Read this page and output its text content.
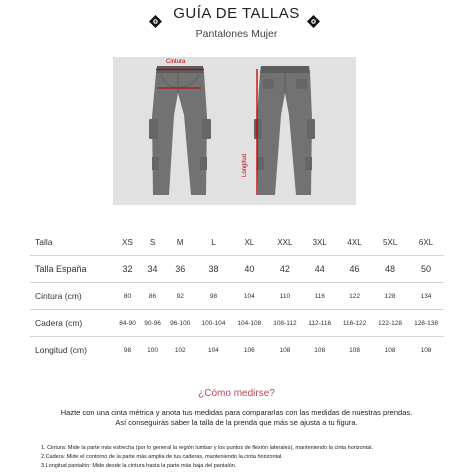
GUÍA DE TALLAS
Pantalones Mujer
Cintura
Longitud
Talla	XS	S	M	L	XL	XXL	3XL	4XL	5XL	6XL
Talla España	32	34	36	38	40	42	44	46	48	50
Cintura (cm)	80	86	92	98	104	110	116	122	128	134
Cadera (cm)	84-90	90-96	96-100	100-104	104-108	108-112	112-116	116-122	122-128	128-138
Longitud (cm)	98	100	102	104	106	108	108	108	108	108
¿Cómo medirse?
Hazte con una cinta métrica y anota tus medidas para compararlas con las medidas de nuestras prendas.
Así conseguirás saber la talla de la prenda que más se ajusta a tu figura.
1. Cintura: Mide la parte más estrecha (por lo general la región lumbar y los puntos de flexión laterales), manteniendo la cinta horizontal.
2.Cadera: Mide el contorno de la parte más amplia de tus caderas, manteniendo la cinta horizontal.
3.Longitud pantalón: Mide desde la cintura hasta la parte más baja del pantalón.
